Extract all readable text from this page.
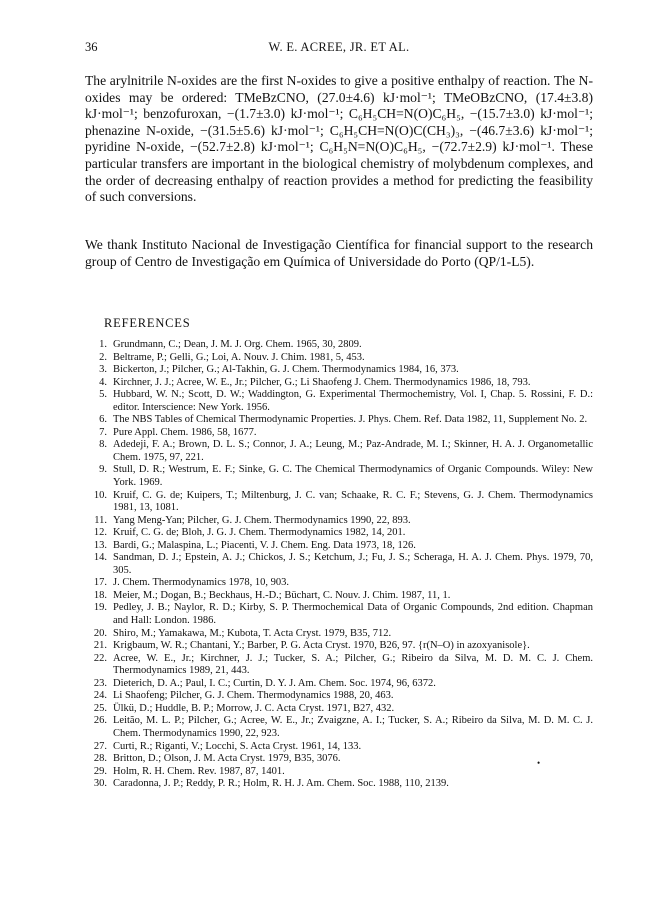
36	W. E. ACREE, JR. ET AL.

The arylnitrile N-oxides are the first N-oxides to give a positive enthalpy of reaction. The N-oxides may be ordered: TMeBzCNO, (27.0±4.6) kJ·mol⁻¹; TMeOBzCNO, (17.4±3.8) kJ·mol⁻¹; benzofuroxan, −(1.7±3.0) kJ·mol⁻¹; C₆H₅CH=N(O)C₆H₅, −(15.7±3.0) kJ·mol⁻¹; phenazine N-oxide, −(31.5±5.6) kJ·mol⁻¹; C₆H₅CH=N(O)C(CH₃)₃, −(46.7±3.6) kJ·mol⁻¹; pyridine N-oxide, −(52.7±2.8) kJ·mol⁻¹; C₆H₅N=N(O)C₆H₅, −(72.7±2.9) kJ·mol⁻¹. These particular transfers are important in the biological chemistry of molybdenum complexes, and the order of decreasing enthalpy of reaction provides a method for predicting the feasibility of such conversions.

We thank Instituto Nacional de Investigação Científica for financial support to the research group of Centro de Investigação em Química of Universidade do Porto (QP/1-L5).

REFERENCES
1. Grundmann, C.; Dean, J. M. J. Org. Chem. 1965, 30, 2809.
2. Beltrame, P.; Gelli, G.; Loi, A. Nouv. J. Chim. 1981, 5, 453.
3. Bickerton, J.; Pilcher, G.; Al-Takhin, G. J. Chem. Thermodynamics 1984, 16, 373.
4. Kirchner, J. J.; Acree, W. E., Jr.; Pilcher, G.; Li Shaofeng J. Chem. Thermodynamics 1986, 18, 793.
5. Hubbard, W. N.; Scott, D. W.; Waddington, G. Experimental Thermochemistry, Vol. I, Chap. 5. Rossini, F. D.: editor. Interscience: New York. 1956.
6. The NBS Tables of Chemical Thermodynamic Properties. J. Phys. Chem. Ref. Data 1982, 11, Supplement No. 2.
7. Pure Appl. Chem. 1986, 58, 1677.
8. Adedeji, F. A.; Brown, D. L. S.; Connor, J. A.; Leung, M.; Paz-Andrade, M. I.; Skinner, H. A. J. Organometallic Chem. 1975, 97, 221.
9. Stull, D. R.; Westrum, E. F.; Sinke, G. C. The Chemical Thermodynamics of Organic Compounds. Wiley: New York. 1969.
10. Kruif, C. G. de; Kuipers, T.; Miltenburg, J. C. van; Schaake, R. C. F.; Stevens, G. J. Chem. Thermodynamics 1981, 13, 1081.
11. Yang Meng-Yan; Pilcher, G. J. Chem. Thermodynamics 1990, 22, 893.
12. Kruif, C. G. de; Bloh, J. G. J. Chem. Thermodynamics 1982, 14, 201.
13. Bardi, G.; Malaspina, L.; Piacenti, V. J. Chem. Eng. Data 1973, 18, 126.
14. Sandman, D. J.; Epstein, A. J.; Chickos, J. S.; Ketchum, J.; Fu, J. S.; Scheraga, H. A. J. Chem. Phys. 1979, 70, 305.
17. J. Chem. Thermodynamics 1978, 10, 903.
18. Meier, M.; Dogan, B.; Beckhaus, H.-D.; Büchart, C. Nouv. J. Chim. 1987, 11, 1.
19. Pedley, J. B.; Naylor, R. D.; Kirby, S. P. Thermochemical Data of Organic Compounds, 2nd edition. Chapman and Hall: London. 1986.
20. Shiro, M.; Yamakawa, M.; Kubota, T. Acta Cryst. 1979, B35, 712.
21. Krigbaum, W. R.; Chantani, Y.; Barber, P. G. Acta Cryst. 1970, B26, 97. {r(N–O) in azoxyanisole}.
22. Acree, W. E., Jr.; Kirchner, J. J.; Tucker, S. A.; Pilcher, G.; Ribeiro da Silva, M. D. M. C. J. Chem. Thermodynamics 1989, 21, 443.
23. Dieterich, D. A.; Paul, I. C.; Curtin, D. Y. J. Am. Chem. Soc. 1974, 96, 6372.
24. Li Shaofeng; Pilcher, G. J. Chem. Thermodynamics 1988, 20, 463.
25. Ülkü, D.; Huddle, B. P.; Morrow, J. C. Acta Cryst. 1971, B27, 432.
26. Leitão, M. L. P.; Pilcher, G.; Acree, W. E., Jr.; Zvaigzne, A. I.; Tucker, S. A.; Ribeiro da Silva, M. D. M. C. J. Chem. Thermodynamics 1990, 22, 923.
27. Curti, R.; Riganti, V.; Locchi, S. Acta Cryst. 1961, 14, 133.
28. Britton, D.; Olson, J. M. Acta Cryst. 1979, B35, 3076.
29. Holm, R. H. Chem. Rev. 1987, 87, 1401.
30. Caradonna, J. P.; Reddy, P. R.; Holm, R. H. J. Am. Chem. Soc. 1988, 110, 2139.
•
